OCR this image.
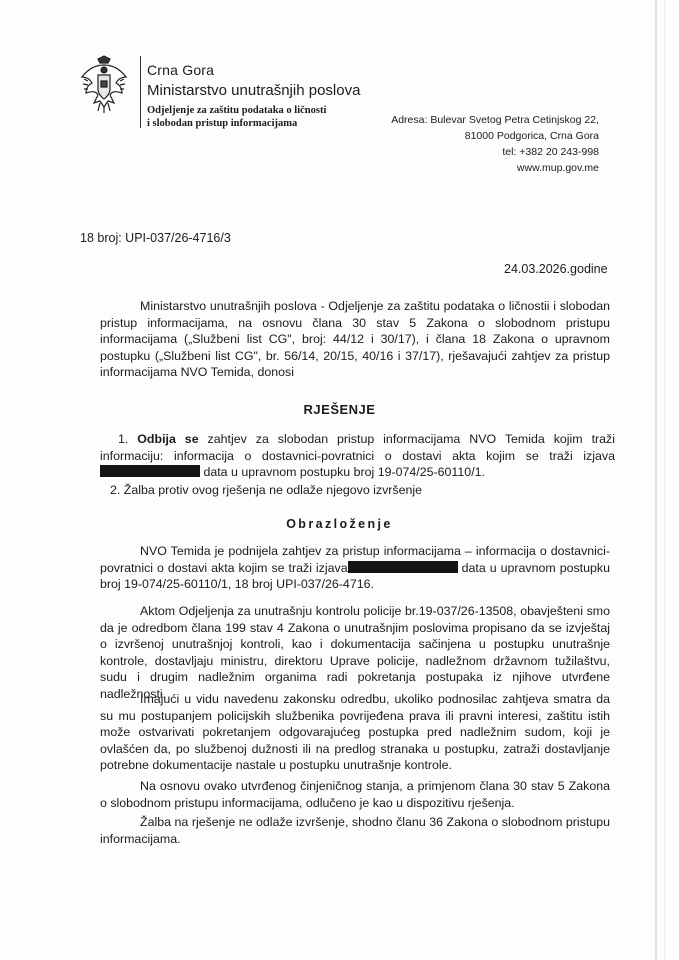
Crna Gora
Ministarstvo unutrašnjih poslova
Odjeljenje za zaštitu podataka o ličnosti
i slobodan pristup informacijama	Adresa: Bulevar Svetog Petra Cetinjskog 22,
81000 Podgorica, Crna Gora
tel: +382 20 243-998
www.mup.gov.me
18 broj: UPI-037/26-4716/3
24.03.2026.godine

Ministarstvo unutrašnjih poslova - Odjeljenje za zaštitu podataka o ličnostii i slobodan pristup informacijama, na osnovu člana 30 stav 5 Zakona o slobodnom pristupu informacijama („Službeni list CG", broj: 44/12 i 30/17), i člana 18 Zakona o upravnom postupku („Službeni list CG", br. 56/14, 20/15, 40/16 i 37/17), rješavajući zahtjev za pristup informacijama NVO Temida, donosi

RJEŠENJE

1. Odbija se zahtjev za slobodan pristup informacijama NVO Temida kojim traži informaciju: informacija o dostavnici-povratnici o dostavi akta kojim se traži izjava data u upravnom postupku broj 19-074/25-60110/1.

2. Žalba protiv ovog rješenja ne odlaže njegovo izvršenje

Obrazloženje

NVO Temida je podnijela zahtjev za pristup informacijama – informacija o dostavnici-povratnici o dostavi akta kojim se traži izjava	data u upravnom postupku broj 19-074/25-60110/1, 18 broj UPI-037/26-4716.

Aktom Odjeljenja za unutrašnju kontrolu policije br.19-037/26-13508, obavješteni smo da je odredbom člana 199 stav 4 Zakona o unutrašnjim poslovima propisano da se izvještaj o izvršenoj unutrašnjoj kontroli, kao i dokumentacija sačinjena u postupku unutrašnje kontrole, dostavljaju ministru, direktoru Uprave policije, nadležnom državnom tužilaštvu, sudu i drugim nadležnim organima radi pokretanja postupaka iz njihove utvrđene nadležnosti.

Imajući u vidu navedenu zakonsku odredbu, ukoliko podnosilac zahtjeva smatra da su mu postupanjem policijskih službenika povrijeđena prava ili pravni interesi, zaštitu istih može ostvarivati pokretanjem odgovarajućeg postupka pred nadležnim sudom, koji je ovlašćen da, po službenoj dužnosti ili na predlog stranaka u postupku, zatraži dostavljanje potrebne dokumentacije nastale u postupku unutrašnje kontrole.

Na osnovu ovako utvrđenog činjeničnog stanja, a primjenom člana 30 stav 5 Zakona o slobodnom pristupu informacijama, odlučeno je kao u dispozitivu rješenja.

Žalba na rješenje ne odlaže izvršenje, shodno članu 36 Zakona o slobodnom pristupu informacijama.
